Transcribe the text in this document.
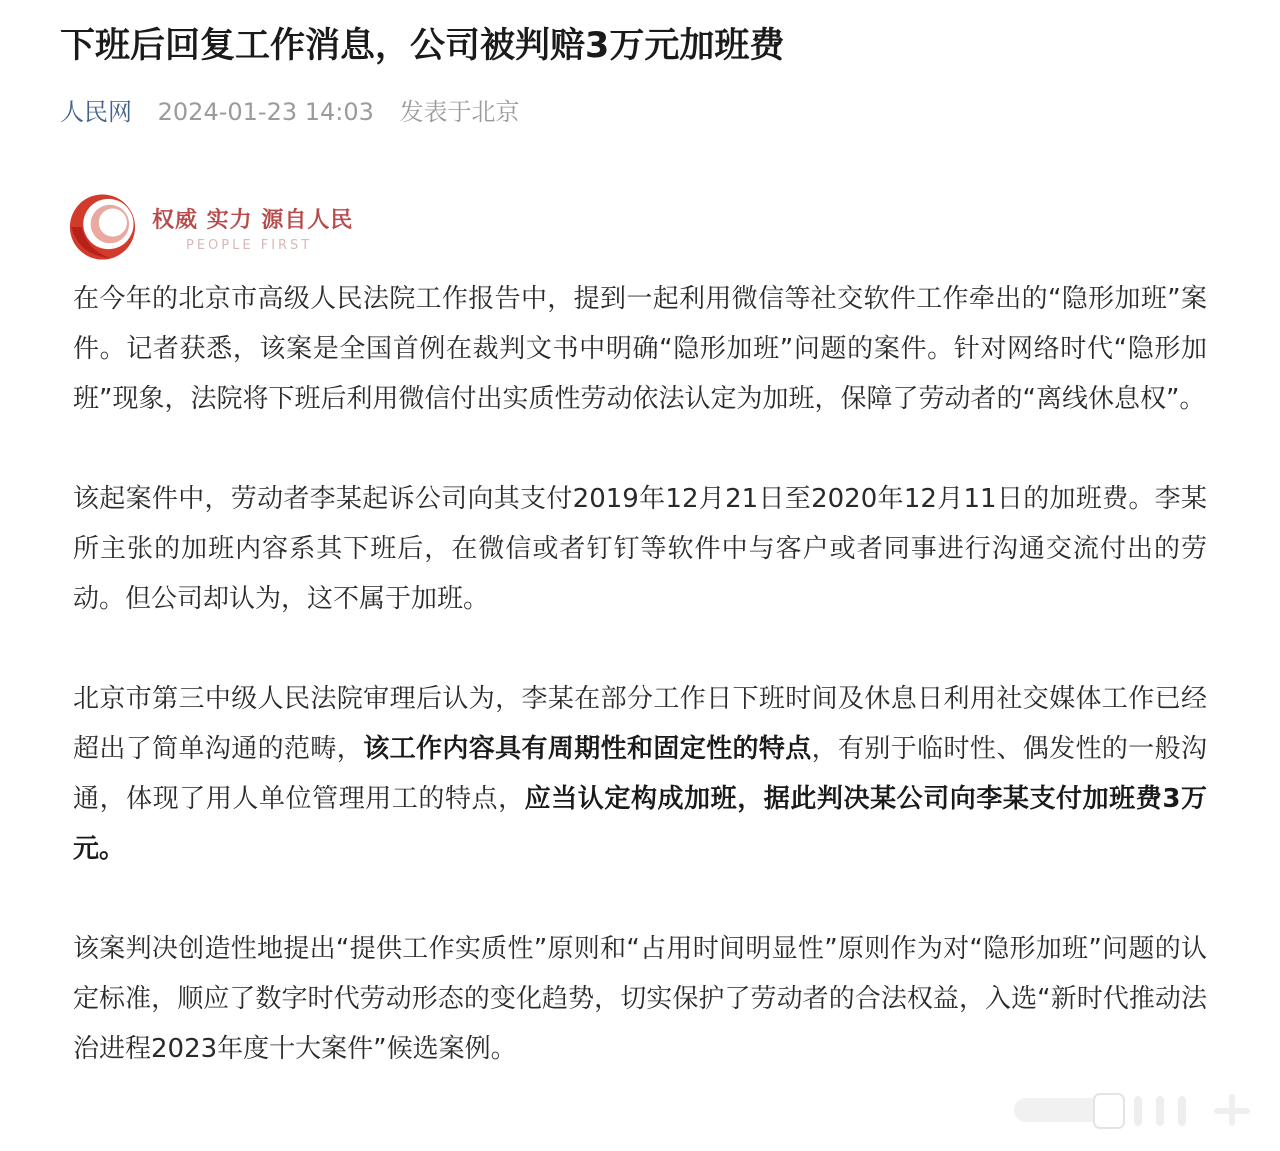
下班后回复工作消息，公司被判赔3万元加班费
人民网 2024-01-23 14:03 发表于北京
权威 实力 源自人民
PEOPLE FIRST

在今年的北京市高级人民法院工作报告中，提到一起利用微信等社交软件工作牵出的“隐形加班”案件。记者获悉，该案是全国首例在裁判文书中明确“隐形加班”问题的案件。针对网络时代“隐形加班”现象，法院将下班后利用微信付出实质性劳动依法认定为加班，保障了劳动者的“离线休息权”。

该起案件中，劳动者李某起诉公司向其支付2019年12月21日至2020年12月11日的加班费。李某所主张的加班内容系其下班后，在微信或者钉钉等软件中与客户或者同事进行沟通交流付出的劳动。但公司却认为，这不属于加班。

北京市第三中级人民法院审理后认为，李某在部分工作日下班时间及休息日利用社交媒体工作已经超出了简单沟通的范畴，该工作内容具有周期性和固定性的特点，有别于临时性、偶发性的一般沟通，体现了用人单位管理用工的特点，应当认定构成加班，据此判决某公司向李某支付加班费3万元。

该案判决创造性地提出“提供工作实质性”原则和“占用时间明显性”原则作为对“隐形加班”问题的认定标准，顺应了数字时代劳动形态的变化趋势，切实保护了劳动者的合法权益，入选“新时代推动法治进程2023年度十大案件”候选案例。
